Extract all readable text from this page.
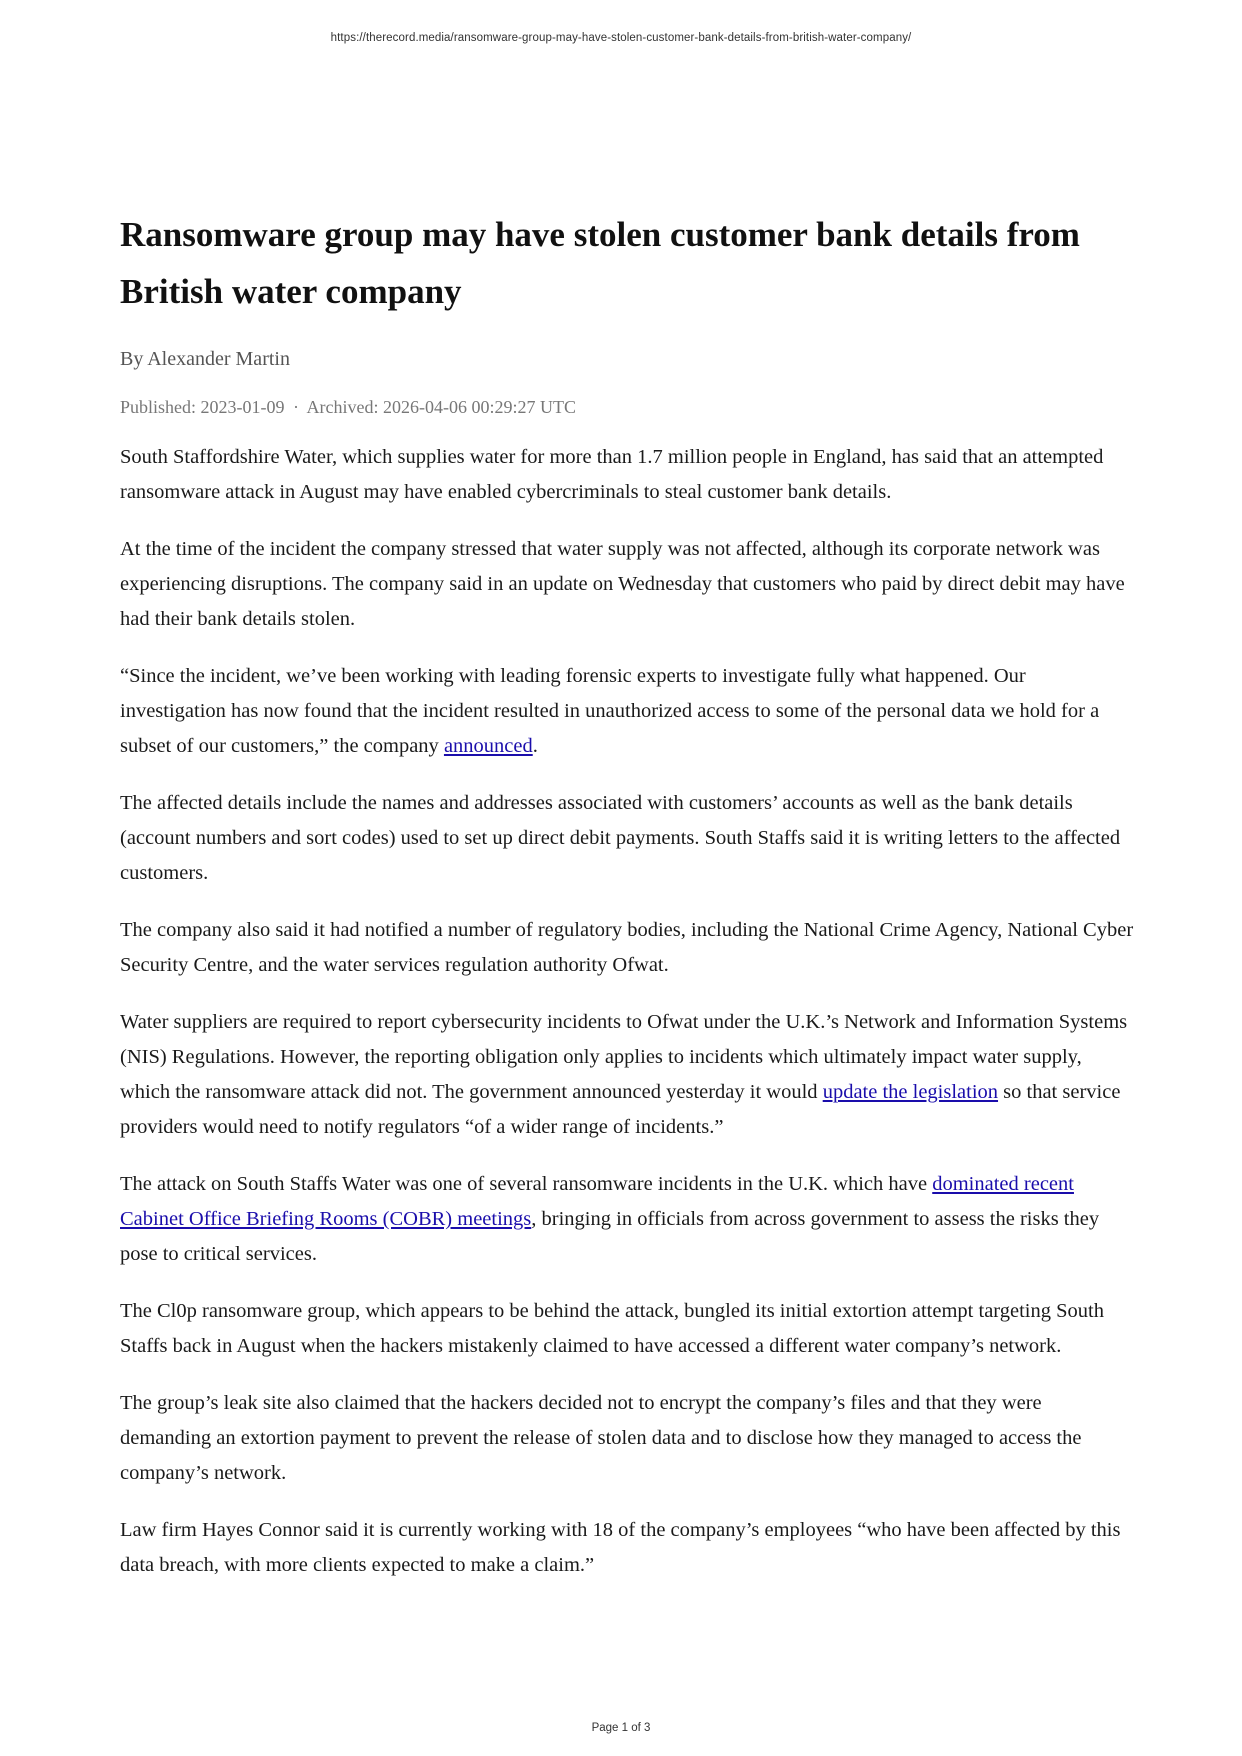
https://therecord.media/ransomware-group-may-have-stolen-customer-bank-details-from-british-water-company/
Ransomware group may have stolen customer bank details from British water company
By Alexander Martin
Published: 2023-01-09 · Archived: 2026-04-06 00:29:27 UTC

South Staffordshire Water, which supplies water for more than 1.7 million people in England, has said that an attempted ransomware attack in August may have enabled cybercriminals to steal customer bank details.

At the time of the incident the company stressed that water supply was not affected, although its corporate network was experiencing disruptions. The company said in an update on Wednesday that customers who paid by direct debit may have had their bank details stolen.

“Since the incident, we’ve been working with leading forensic experts to investigate fully what happened. Our investigation has now found that the incident resulted in unauthorized access to some of the personal data we hold for a subset of our customers,” the company announced.

The affected details include the names and addresses associated with customers’ accounts as well as the bank details (account numbers and sort codes) used to set up direct debit payments. South Staffs said it is writing letters to the affected customers.

The company also said it had notified a number of regulatory bodies, including the National Crime Agency, National Cyber Security Centre, and the water services regulation authority Ofwat.

Water suppliers are required to report cybersecurity incidents to Ofwat under the U.K.’s Network and Information Systems (NIS) Regulations. However, the reporting obligation only applies to incidents which ultimately impact water supply, which the ransomware attack did not. The government announced yesterday it would update the legislation so that service providers would need to notify regulators “of a wider range of incidents.”

The attack on South Staffs Water was one of several ransomware incidents in the U.K. which have dominated recent Cabinet Office Briefing Rooms (COBR) meetings, bringing in officials from across government to assess the risks they pose to critical services.

The Cl0p ransomware group, which appears to be behind the attack, bungled its initial extortion attempt targeting South Staffs back in August when the hackers mistakenly claimed to have accessed a different water company’s network.

The group’s leak site also claimed that the hackers decided not to encrypt the company’s files and that they were demanding an extortion payment to prevent the release of stolen data and to disclose how they managed to access the company’s network.

Law firm Hayes Connor said it is currently working with 18 of the company’s employees “who have been affected by this data breach, with more clients expected to make a claim.”

Page 1 of 3
